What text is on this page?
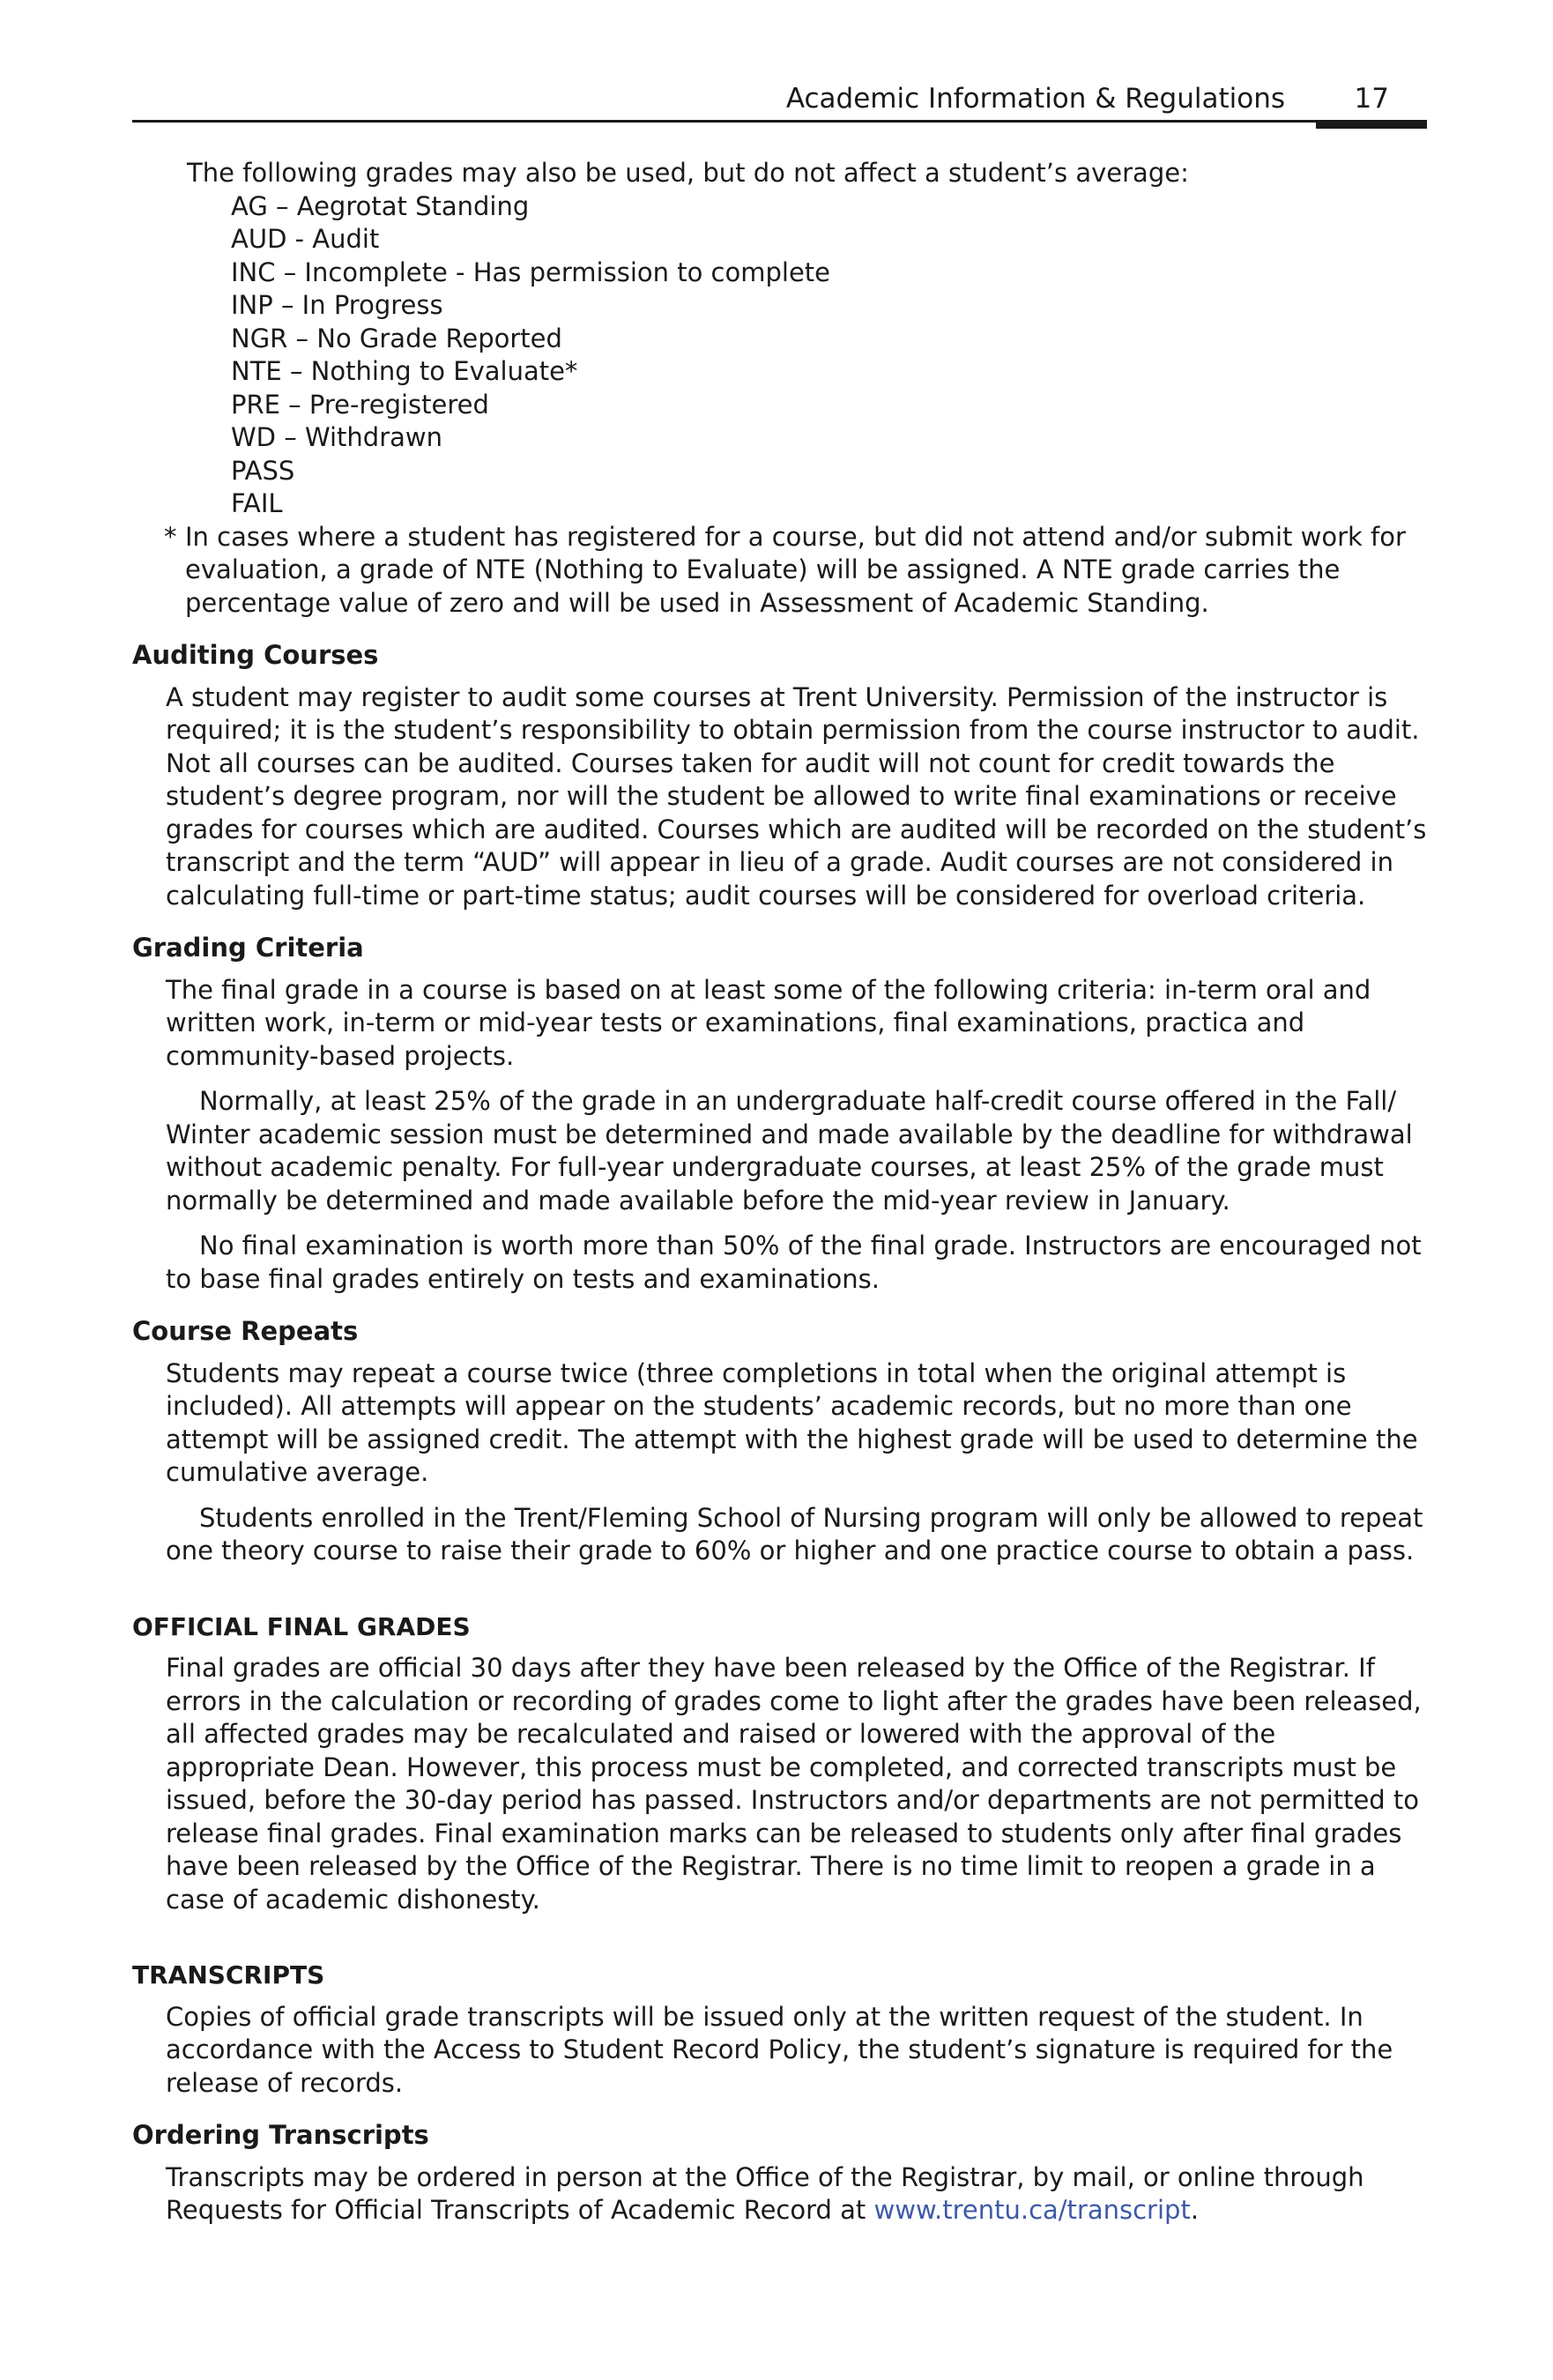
Academic Information & Regulations	17

The following grades may also be used, but do not affect a student’s average:

AG – Aegrotat Standing
AUD - Audit
INC – Incomplete - Has permission to complete
INP – In Progress
NGR – No Grade Reported
NTE – Nothing to Evaluate*
PRE – Pre-registered
WD – Withdrawn
PASS
FAIL

* In cases where a student has registered for a course, but did not attend and/or submit work for evaluation, a grade of NTE (Nothing to Evaluate) will be assigned. A NTE grade carries the percentage value of zero and will be used in Assessment of Academic Standing.

Auditing Courses

A student may register to audit some courses at Trent University. Permission of the instructor is required; it is the student’s responsibility to obtain permission from the course instructor to audit. Not all courses can be audited. Courses taken for audit will not count for credit towards the student’s degree program, nor will the student be allowed to write final examinations or receive grades for courses which are audited. Courses which are audited will be recorded on the student’s transcript and the term “AUD” will appear in lieu of a grade. Audit courses are not considered in calculating full-time or part-time status; audit courses will be considered for overload criteria.

Grading Criteria

The final grade in a course is based on at least some of the following criteria: in-term oral and written work, in-term or mid-year tests or examinations, final examinations, practica and community-based projects.

Normally, at least 25% of the grade in an undergraduate half-credit course offered in the Fall/ Winter academic session must be determined and made available by the deadline for withdrawal without academic penalty. For full-year undergraduate courses, at least 25% of the grade must normally be determined and made available before the mid-year review in January.

No final examination is worth more than 50% of the final grade. Instructors are encouraged not to base final grades entirely on tests and examinations.

Course Repeats

Students may repeat a course twice (three completions in total when the original attempt is included). All attempts will appear on the students’ academic records, but no more than one attempt will be assigned credit. The attempt with the highest grade will be used to determine the cumulative average.

Students enrolled in the Trent/Fleming School of Nursing program will only be allowed to repeat one theory course to raise their grade to 60% or higher and one practice course to obtain a pass.

OFFICIAL FINAL GRADES

Final grades are official 30 days after they have been released by the Office of the Registrar. If errors in the calculation or recording of grades come to light after the grades have been released, all affected grades may be recalculated and raised or lowered with the approval of the appropriate Dean. However, this process must be completed, and corrected transcripts must be issued, before the 30-day period has passed. Instructors and/or departments are not permitted to release final grades. Final examination marks can be released to students only after final grades have been released by the Office of the Registrar. There is no time limit to reopen a grade in a case of academic dishonesty.

TRANSCRIPTS

Copies of official grade transcripts will be issued only at the written request of the student. In accordance with the Access to Student Record Policy, the student’s signature is required for the release of records.

Ordering Transcripts

Transcripts may be ordered in person at the Office of the Registrar, by mail, or online through Requests for Official Transcripts of Academic Record at www.trentu.ca/transcript.
